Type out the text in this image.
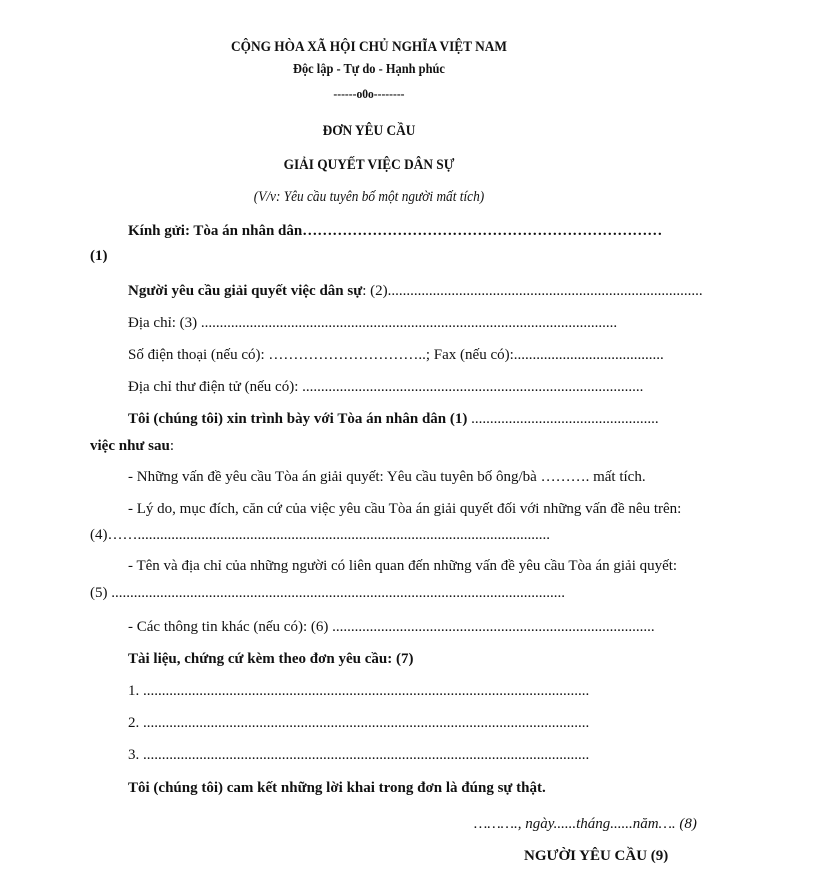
CỘNG HÒA XÃ HỘI CHỦ NGHĨA VIỆT NAM
Độc lập - Tự do - Hạnh phúc
------o0o--------
ĐƠN YÊU CẦU
GIẢI QUYẾT VIỆC DÂN SỰ
(V/v: Yêu cầu tuyên bố một người mất tích)
Kính gửi: Tòa án nhân dân………………………………………………………………
(1)
Người yêu cầu giải quyết việc dân sự: (2)....................................................................................
Địa chỉ: (3) ...............................................................................................................
Số điện thoại (nếu có): …………………………..; Fax (nếu có):........................................
Địa chỉ thư điện tử (nếu có): ...........................................................................................
Tôi (chúng tôi) xin trình bày với Tòa án nhân dân (1) ..................................................
việc như sau:
- Những vấn đề yêu cầu Tòa án giải quyết: Yêu cầu tuyên bố ông/bà ………. mất tích.
- Lý do, mục đích, căn cứ của việc yêu cầu Tòa án giải quyết đối với những vấn đề nêu trên:
(4)……..............................................................................................................
- Tên và địa chỉ của những người có liên quan đến những vấn đề yêu cầu Tòa án giải quyết:
(5) .........................................................................................................................
- Các thông tin khác (nếu có): (6) ......................................................................................
Tài liệu, chứng cứ kèm theo đơn yêu cầu: (7)
1. .......................................................................................................................
2. .......................................................................................................................
3. .......................................................................................................................
Tôi (chúng tôi) cam kết những lời khai trong đơn là đúng sự thật.
………., ngày......tháng......năm…. (8)
NGƯỜI YÊU CẦU (9)
